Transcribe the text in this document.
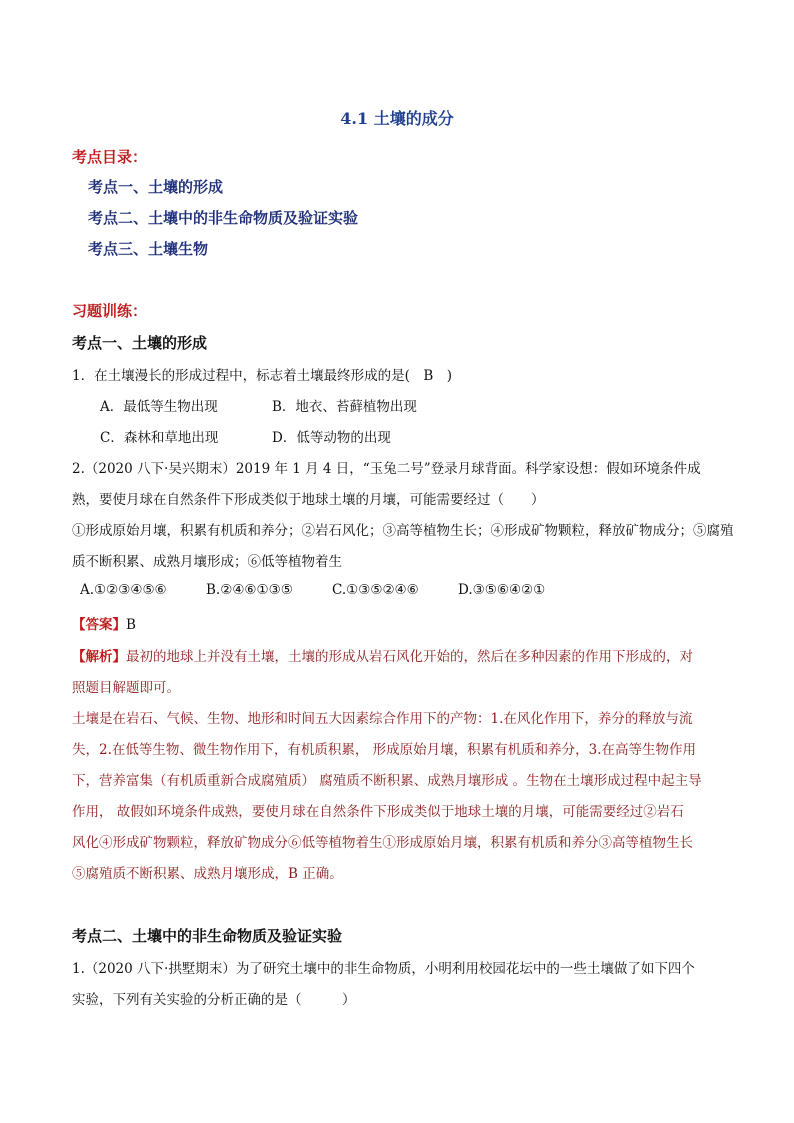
4.1 土壤的成分
考点目录：
考点一、土壤的形成
考点二、土壤中的非生命物质及验证实验
考点三、土壤生物
习题训练：
考点一、土壤的形成
1．在土壤漫长的形成过程中，标志着土壤最终形成的是(　B　)
A．最低等生物出现	B．地衣、苔藓植物出现
C．森林和草地出现	D．低等动物的出现
2.（2020 八下·吴兴期末）2019 年 1 月 4 日，“玉兔二号”登录月球背面。科学家设想：假如环境条件成
熟，要使月球在自然条件下形成类似于地球土壤的月壤，可能需要经过（　　）
①形成原始月壤，积累有机质和养分；②岩石风化；③高等植物生长；④形成矿物颗粒，释放矿物成分；⑤腐殖
质不断积累、成熟月壤形成；⑥低等植物着生
A.①②③④⑤⑥	B.②④⑥①③⑤	C.①③⑤②④⑥	D.③⑤⑥④②①
【答案】B
【解析】最初的地球上并没有土壤，土壤的形成从岩石风化开始的，然后在多种因素的作用下形成的，对
照题目解题即可。
土壤是在岩石、气候、生物、地形和时间五大因素综合作用下的产物：1.在风化作用下，养分的释放与流
失，2.在低等生物、微生物作用下，有机质积累， 形成原始月壤，积累有机质和养分，3.在高等生物作用
下，营养富集（有机质重新合成腐殖质） 腐殖质不断积累、成熟月壤形成 。生物在土壤形成过程中起主导
作用， 故假如环境条件成熟，要使月球在自然条件下形成类似于地球土壤的月壤，可能需要经过②岩石
风化④形成矿物颗粒，释放矿物成分⑥低等植物着生①形成原始月壤，积累有机质和养分③高等植物生长
⑤腐殖质不断积累、成熟月壤形成，B 正确。
考点二、土壤中的非生命物质及验证实验
1.（2020 八下·拱墅期末）为了研究土壤中的非生命物质，小明利用校园花坛中的一些土壤做了如下四个
实验，下列有关实验的分析正确的是（　　　）
